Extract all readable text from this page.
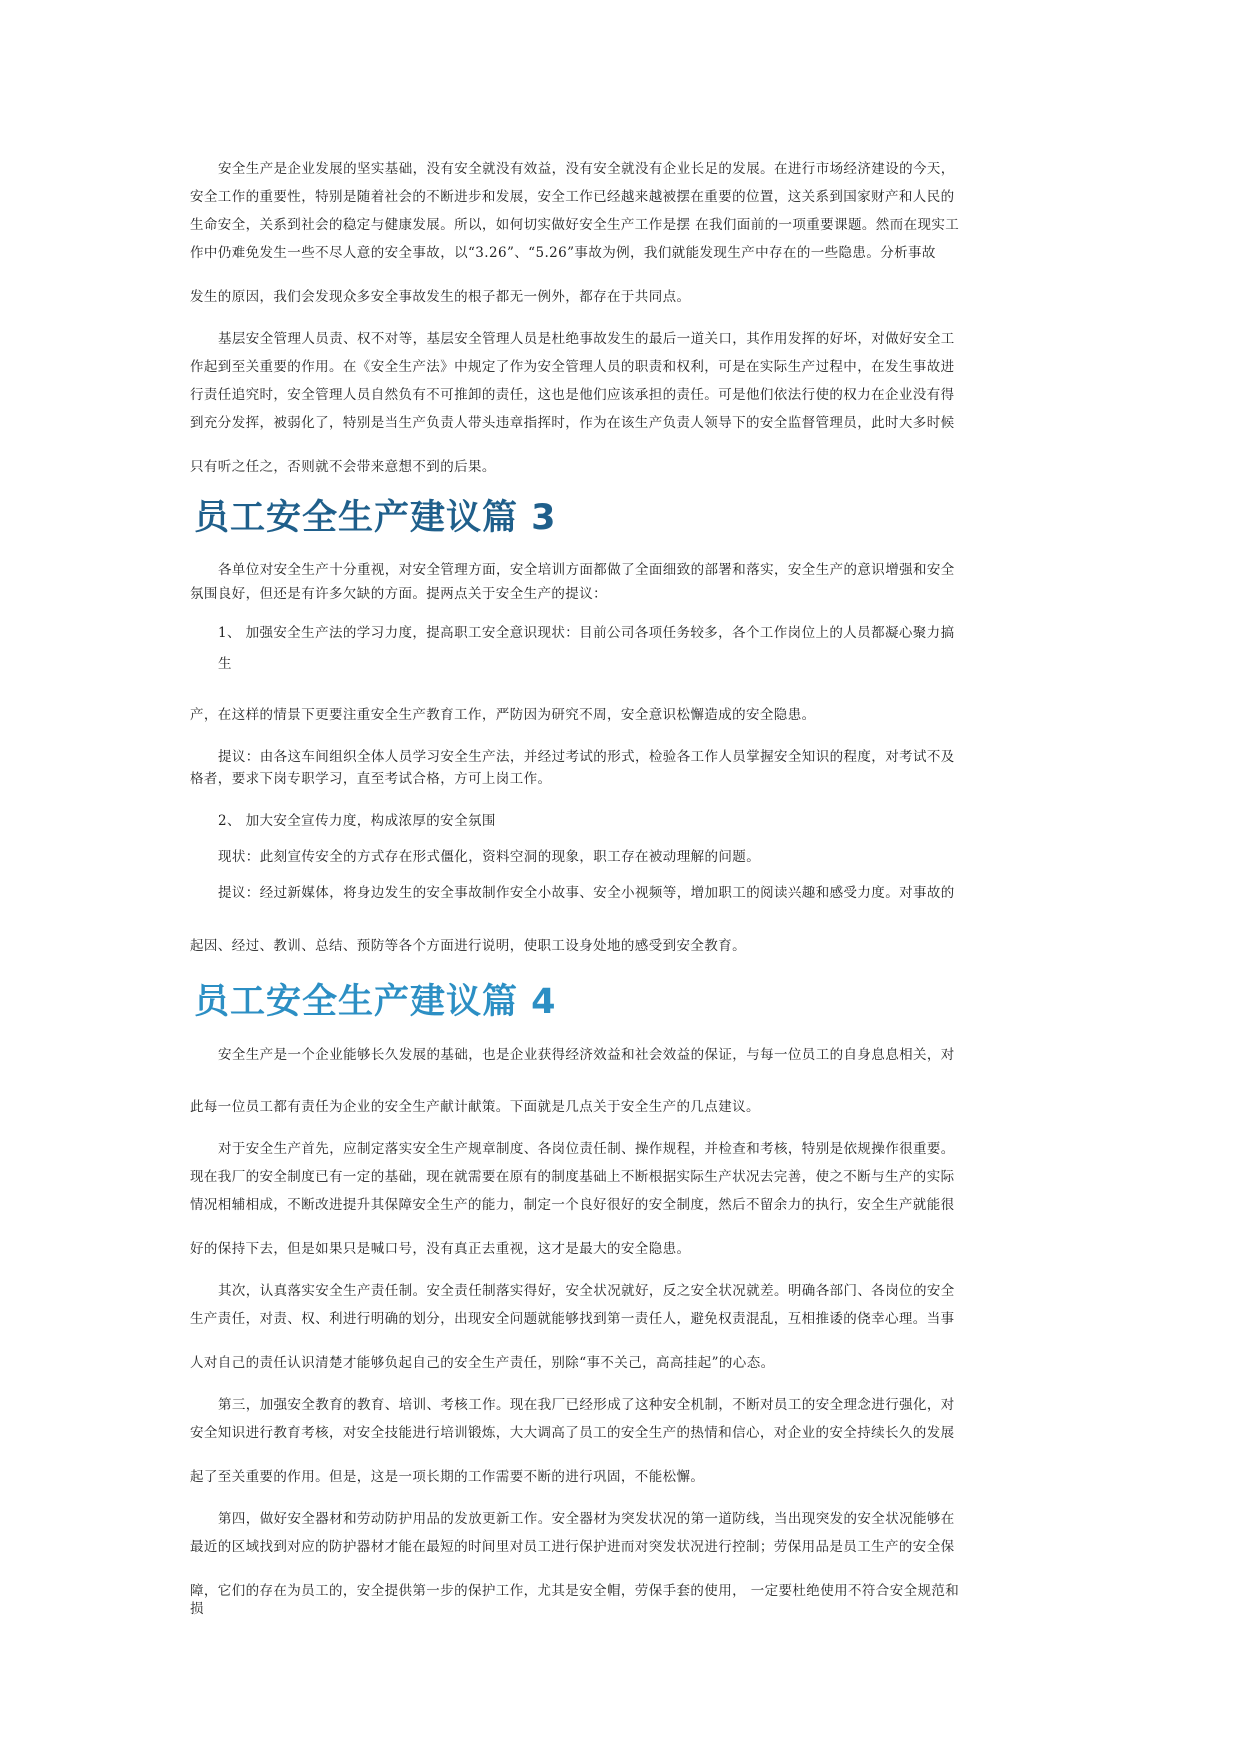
安全生产是企业发展的坚实基础，没有安全就没有效益，没有安全就没有企业长足的发展。在进行市场经济建设的今天，
安全工作的重要性，特别是随着社会的不断进步和发展，安全工作已经越来越被摆在重要的位置，这关系到国家财产和人民的
生命安全，关系到社会的稳定与健康发展。所以，如何切实做好安全生产工作是摆 在我们面前的一项重要课题。然而在现实工
作中仍难免发生一些不尽人意的安全事故，以“3.26”、“5.26”事故为例，我们就能发现生产中存在的一些隐患。分析事故
发生的原因，我们会发现众多安全事故发生的根子都无一例外，都存在于共同点。
基层安全管理人员责、权不对等，基层安全管理人员是杜绝事故发生的最后一道关口，其作用发挥的好坏，对做好安全工
作起到至关重要的作用。在《安全生产法》中规定了作为安全管理人员的职责和权利，可是在实际生产过程中，在发生事故进
行责任追究时，安全管理人员自然负有不可推卸的责任，这也是他们应该承担的责任。可是他们依法行使的权力在企业没有得
到充分发挥，被弱化了，特别是当生产负责人带头违章指挥时，作为在该生产负责人领导下的安全监督管理员，此时大多时候
只有听之任之，否则就不会带来意想不到的后果。
员工安全生产建议篇 3
各单位对安全生产十分重视，对安全管理方面，安全培训方面都做了全面细致的部署和落实，安全生产的意识增强和安全
氛围良好，但还是有许多欠缺的方面。提两点关于安全生产的提议：
1、 加强安全生产法的学习力度，提高职工安全意识现状：目前公司各项任务较多，各个工作岗位上的人员都凝心聚力搞
生
产，在这样的情景下更要注重安全生产教育工作，严防因为研究不周，安全意识松懈造成的安全隐患。
提议：由各这车间组织全体人员学习安全生产法，并经过考试的形式，检验各工作人员掌握安全知识的程度，对考试不及
格者，要求下岗专职学习，直至考试合格，方可上岗工作。
2、 加大安全宣传力度，构成浓厚的安全氛围
现状：此刻宣传安全的方式存在形式僵化，资料空洞的现象，职工存在被动理解的问题。
提议：经过新媒体，将身边发生的安全事故制作安全小故事、安全小视频等，增加职工的阅读兴趣和感受力度。对事故的
起因、经过、教训、总结、预防等各个方面进行说明，使职工设身处地的感受到安全教育。
员工安全生产建议篇 4
安全生产是一个企业能够长久发展的基础，也是企业获得经济效益和社会效益的保证，与每一位员工的自身息息相关，对
此每一位员工都有责任为企业的安全生产献计献策。下面就是几点关于安全生产的几点建议。
对于安全生产首先，应制定落实安全生产规章制度、各岗位责任制、操作规程，并检查和考核，特别是依规操作很重要。
现在我厂的安全制度已有一定的基础，现在就需要在原有的制度基础上不断根据实际生产状况去完善，使之不断与生产的实际
情况相辅相成，不断改进提升其保障安全生产的能力，制定一个良好很好的安全制度，然后不留余力的执行，安全生产就能很
好的保持下去，但是如果只是喊口号，没有真正去重视，这才是最大的安全隐患。
其次，认真落实安全生产责任制。安全责任制落实得好，安全状况就好，反之安全状况就差。明确各部门、各岗位的安全
生产责任，对责、权、利进行明确的划分，出现安全问题就能够找到第一责任人，避免权责混乱，互相推诿的侥幸心理。当事
人对自己的责任认识清楚才能够负起自己的安全生产责任，别除“事不关己，高高挂起”的心态。
第三，加强安全教育的教育、培训、考核工作。现在我厂已经形成了这种安全机制，不断对员工的安全理念进行强化，对
安全知识进行教育考核，对安全技能进行培训锻炼，大大调高了员工的安全生产的热情和信心，对企业的安全持续长久的发展
起了至关重要的作用。但是，这是一项长期的工作需要不断的进行巩固，不能松懈。
第四，做好安全器材和劳动防护用品的发放更新工作。安全器材为突发状况的第一道防线，当出现突发的安全状况能够在
最近的区域找到对应的防护器材才能在最短的时间里对员工进行保护进而对突发状况进行控制；劳保用品是员工生产的安全保
障，它们的存在为员工的，安全提供第一步的保护工作，尤其是安全帽，劳保手套的使用， 一定要杜绝使用不符合安全规范和
损
